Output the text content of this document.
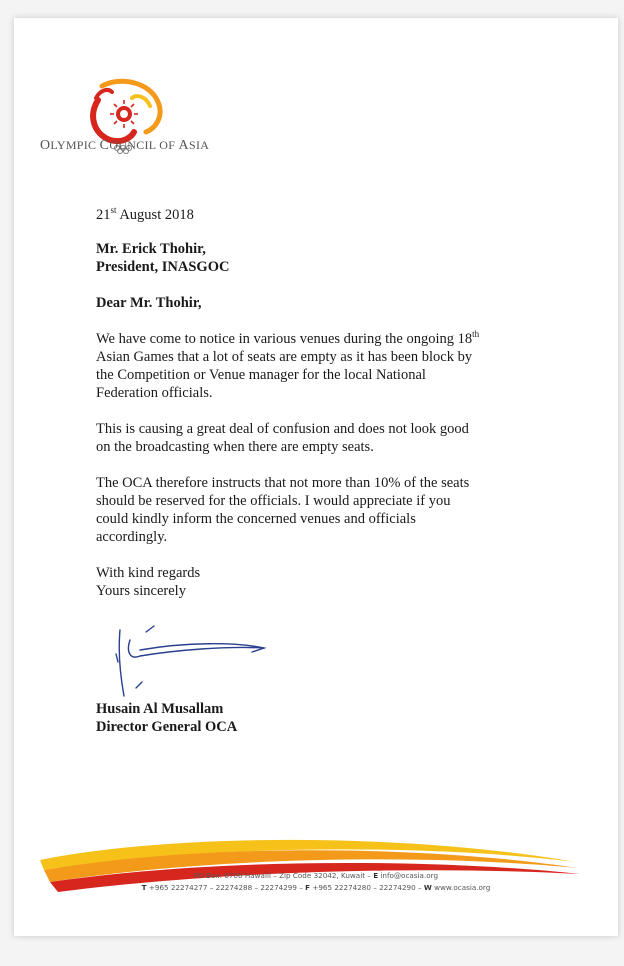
OLYMPIC COUNCIL OF ASIA

21st August 2018

Mr. Erick Thohir,

President, INASGOC

Dear Mr. Thohir,

We have come to notice in various venues during the ongoing 18th

Asian Games that a lot of seats are empty as it has been block by

the Competition or Venue manager for the local National

Federation officials.

This is causing a great deal of confusion and does not look good

on the broadcasting when there are empty seats.

The OCA therefore instructs that not more than 10% of the seats

should be reserved for the officials. I would appreciate if you

could kindly inform the concerned venues and officials

accordingly.

With kind regards

Yours sincerely

Husain Al Musallam
Director General OCA
PO Box: 6706 Hawalli – Zip Code 32042, Kuwait – E info@ocasia.org
T +965 22274277 – 22274288 – 22274299 – F +965 22274280 – 22274290 – W www.ocasia.org
